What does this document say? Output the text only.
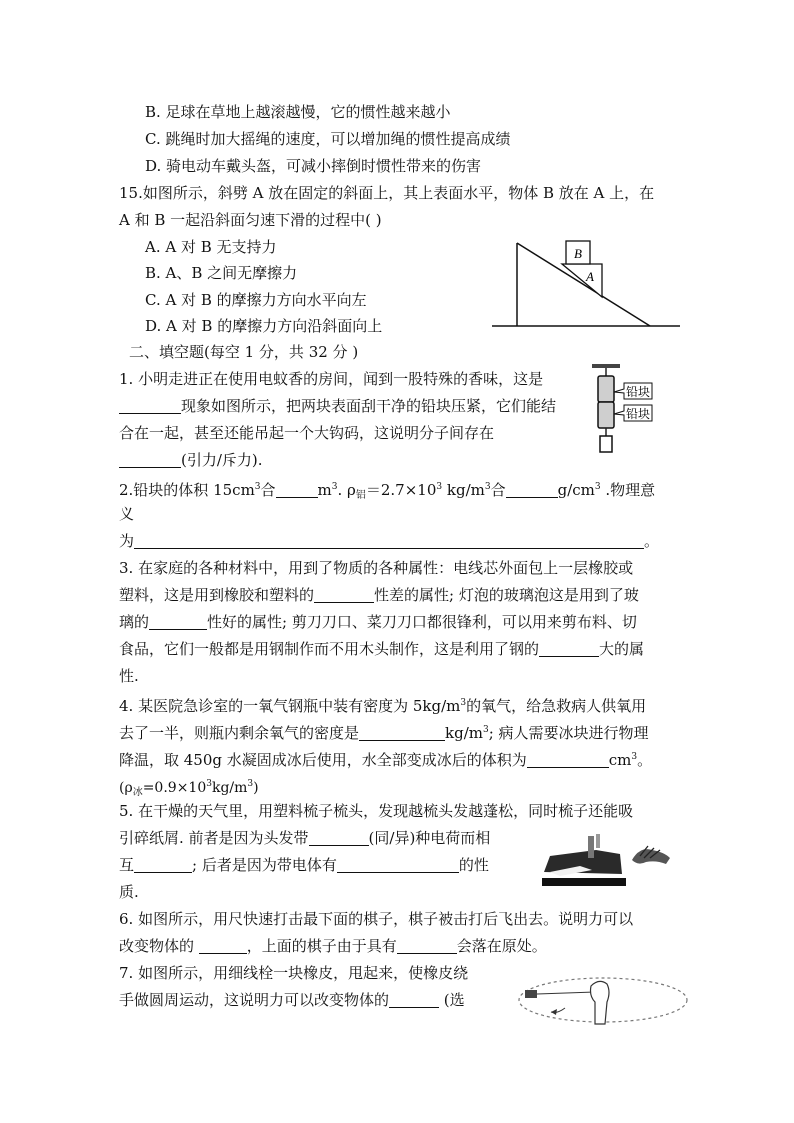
B. 足球在草地上越滚越慢，它的惯性越来越小
C. 跳绳时加大摇绳的速度，可以增加绳的惯性提高成绩
D. 骑电动车戴头盔，可减小摔倒时惯性带来的伤害
15.如图所示，斜劈 A 放在固定的斜面上，其上表面水平，物体 B 放在 A 上，在
A 和 B 一起沿斜面匀速下滑的过程中( )
A. A 对 B 无支持力
B. A、B 之间无摩擦力
C. A 对 B 的摩擦力方向水平向左
D. A 对 B 的摩擦力方向沿斜面向上
B
A
二、填空题(每空 1 分，共 32 分 )
1. 小明走进正在使用电蚊香的房间，闻到一股特殊的香味，这是
现象如图所示，把两块表面刮干净的铅块压紧，它们能结
合在一起，甚至还能吊起一个大钩码，这说明分子间存在
(引力/斥力).
铅块
铅块
2.铅块的体积 $15cm^3$合	$m^3$. $\rho_铝=2.7\times 10^3$ $kg/m^3$合	$g/cm^3$ .物理意
义
为	。
3. 在家庭的各种材料中，用到了物质的各种属性：电线芯外面包上一层橡胶或
塑料，这是用到橡胶和塑料的	性差的属性; 灯泡的玻璃泡这是用到了玻
璃的	性好的属性; 剪刀刀口、菜刀刀口都很锋利，可以用来剪布料、切
食品，它们一般都是用钢制作而不用木头制作，这是利用了钢的	大的属
性.
4. 某医院急诊室的一氧气钢瓶中装有密度为 $5kg/m^3$的氧气，给急救病人供氧用
去了一半，则瓶内剩余氧气的密度是	$kg/m^3$; 病人需要冰块进行物理
降温，取 450g 水凝固成冰后使用，水全部变成冰后的体积为	$cm^3$。
$(\rho_冰=0.9\times 10^3kg/m^3)$
5. 在干燥的天气里，用塑料梳子梳头，发现越梳头发越蓬松，同时梳子还能吸
引碎纸屑. 前者是因为头发带	(同/异)种电荷而相
互	; 后者是因为带电体有	的性
质.
6. 如图所示，用尺快速打击最下面的棋子，棋子被击打后飞出去。说明力可以
改变物体的	，上面的棋子由于具有	会落在原处。
7. 如图所示，用细线栓一块橡皮，甩起来，使橡皮绕
手做圆周运动，这说明力可以改变物体的	(选
